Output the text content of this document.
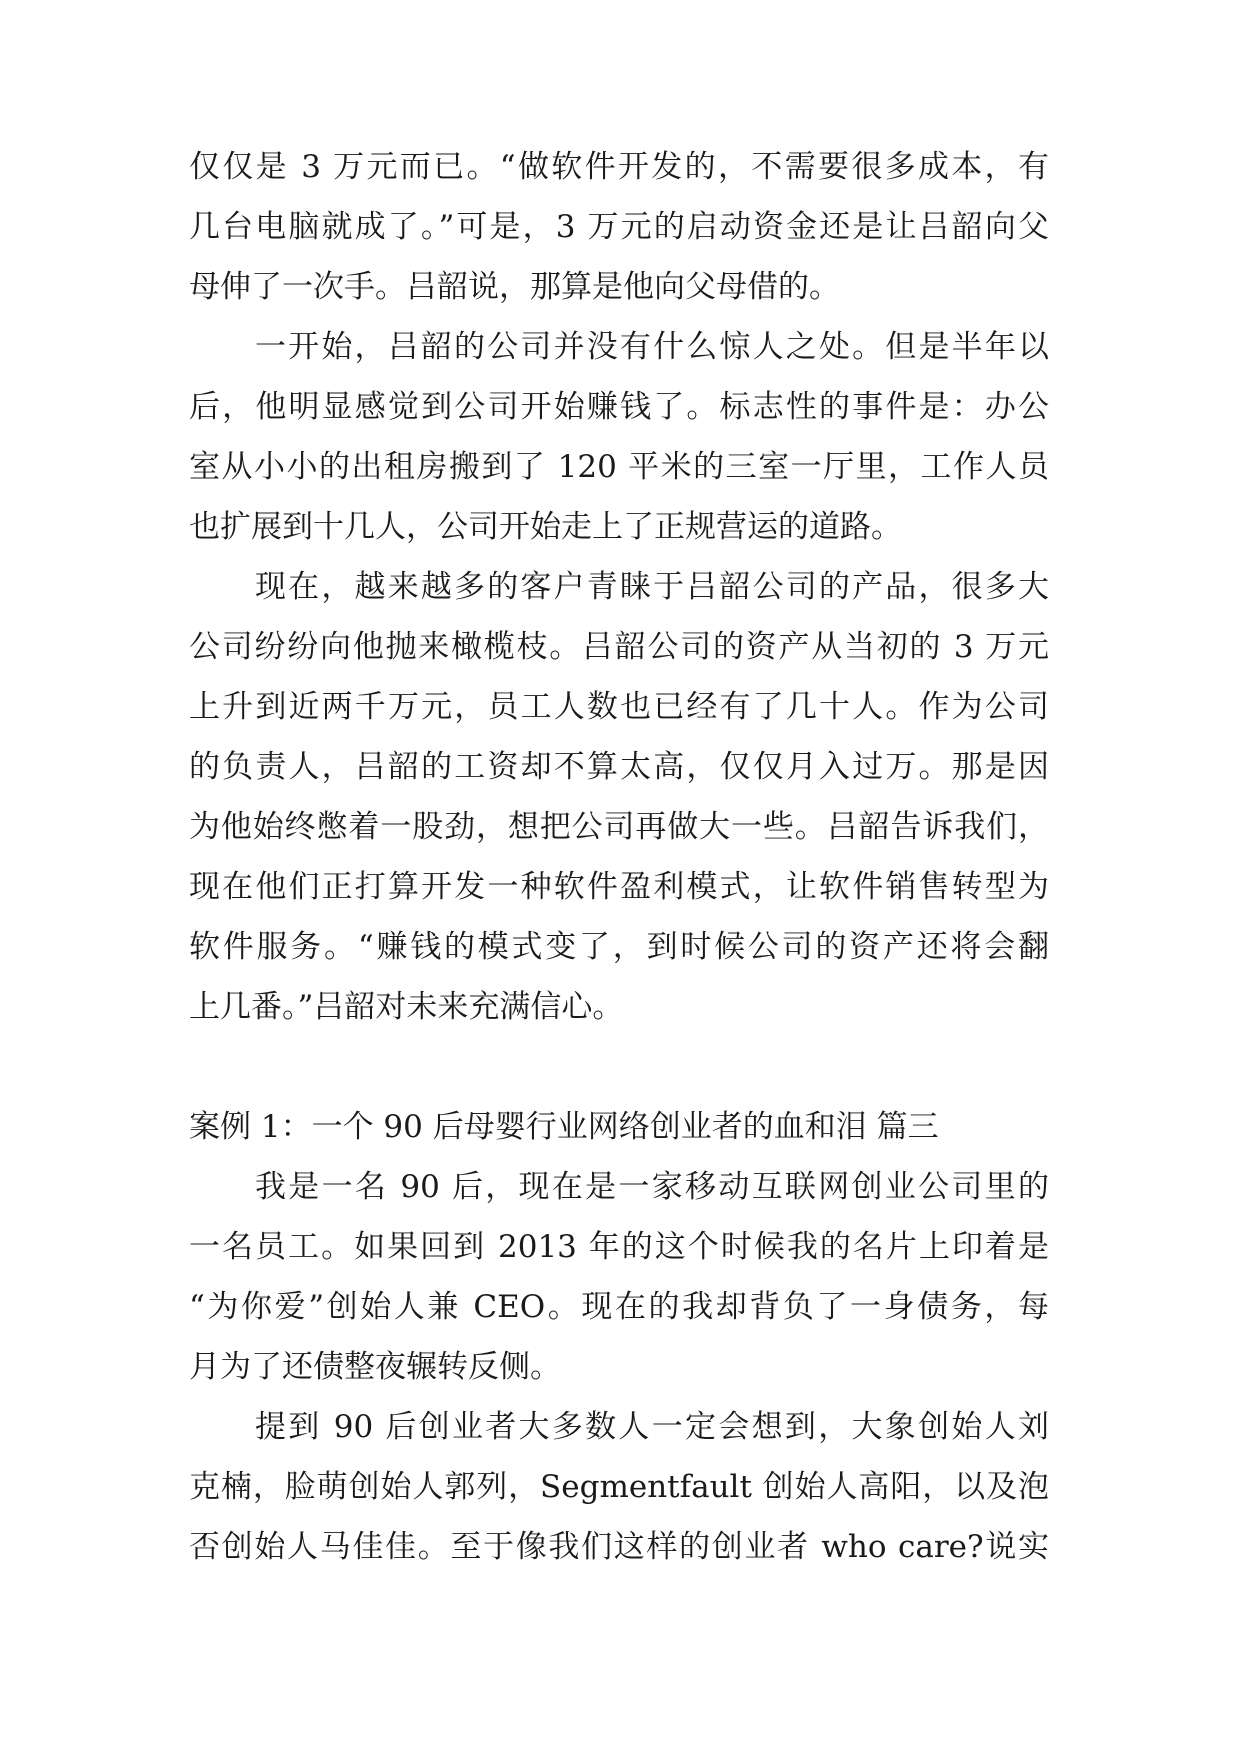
仅仅是 3 万元而已。“做软件开发的，不需要很多成本，有
几台电脑就成了。”可是，3 万元的启动资金还是让吕韶向父
母伸了一次手。吕韶说，那算是他向父母借的。
一开始，吕韶的公司并没有什么惊人之处。但是半年以
后，他明显感觉到公司开始赚钱了。标志性的事件是：办公
室从小小的出租房搬到了 120 平米的三室一厅里，工作人员
也扩展到十几人，公司开始走上了正规营运的道路。
现在，越来越多的客户青睐于吕韶公司的产品，很多大
公司纷纷向他抛来橄榄枝。吕韶公司的资产从当初的 3 万元
上升到近两千万元，员工人数也已经有了几十人。作为公司
的负责人，吕韶的工资却不算太高，仅仅月入过万。那是因
为他始终憋着一股劲，想把公司再做大一些。吕韶告诉我们，
现在他们正打算开发一种软件盈利模式，让软件销售转型为
软件服务。“赚钱的模式变了，到时候公司的资产还将会翻
上几番。”吕韶对未来充满信心。
案例 1：一个 90 后母婴行业网络创业者的血和泪 篇三
我是一名 90 后，现在是一家移动互联网创业公司里的
一名员工。如果回到 2013 年的这个时候我的名片上印着是
“为你爱”创始人兼 CEO。现在的我却背负了一身债务，每
月为了还债整夜辗转反侧。
提到 90 后创业者大多数人一定会想到，大象创始人刘
克楠，脸萌创始人郭列，Segmentfault 创始人高阳，以及泡
否创始人马佳佳。至于像我们这样的创业者 who care?说实
